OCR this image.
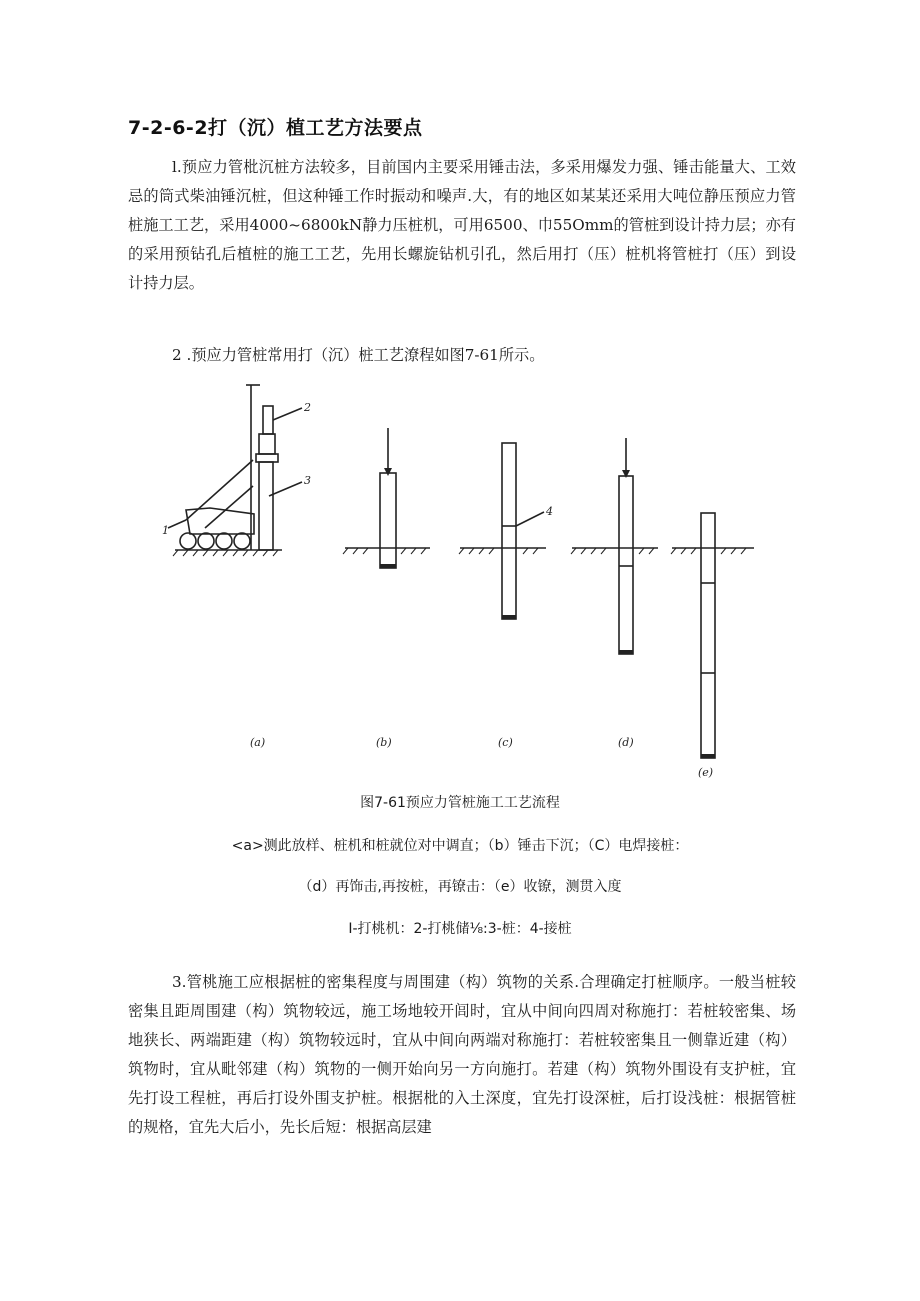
7-2-6-2打（沉）植工艺方法要点

l.预应力管枇沉桩方法较多，目前国内主要采用锤击法，多采用爆发力强、锤击能量大、工效忌的筒式柴油锤沉桩，但这种锤工作时振动和噪声.大，有的地区如某某还采用大吨位静压预应力管桩施工工艺，采用4000~6800kN静力压桩机，可用6500、巾55Omm的管桩到设计持力层；亦有的采用预钻孔后植桩的施工工艺，先用长螺旋钻机引孔，然后用打（压）桩机将管桩打（压）到设计持力层。

2 .预应力管桩常用打（沉）桩工艺潦程如图7-61所示。

1
2
3
4
(a)	(b)	(c)	(d)
(e)
图7-61预应力管桩施工工艺流程
<a>测此放样、桩机和桩就位对中调直；（b）锤击下沉；（C）电焊接桩：
（d）再饰击,再按桩，再镣击：（e）收镣，测贯入度
I-打桃机：2-打桃储⅛:3-桩：4-接桩

3.管桃施工应根据桩的密集程度与周围建（构）筑物的关系.合理确定打桩顺序。一般当桩较密集且距周围建（构）筑物较远，施工场地较开闾时，宜从中间向四周对称施打：若桩较密集、场地狭长、两端距建（构）筑物较远时，宜从中间向两端对称施打：若桩较密集且一侧靠近建（构）筑物时，宜从毗邻建（构）筑物的一侧开始向另一方向施打。若建（构）筑物外围设有支护桩，宜先打设工程桩，再后打设外围支护桩。根据枇的入土深度，宜先打设深桩，后打设浅桩：根据管桩的规格，宜先大后小，先长后短：根据高层建
